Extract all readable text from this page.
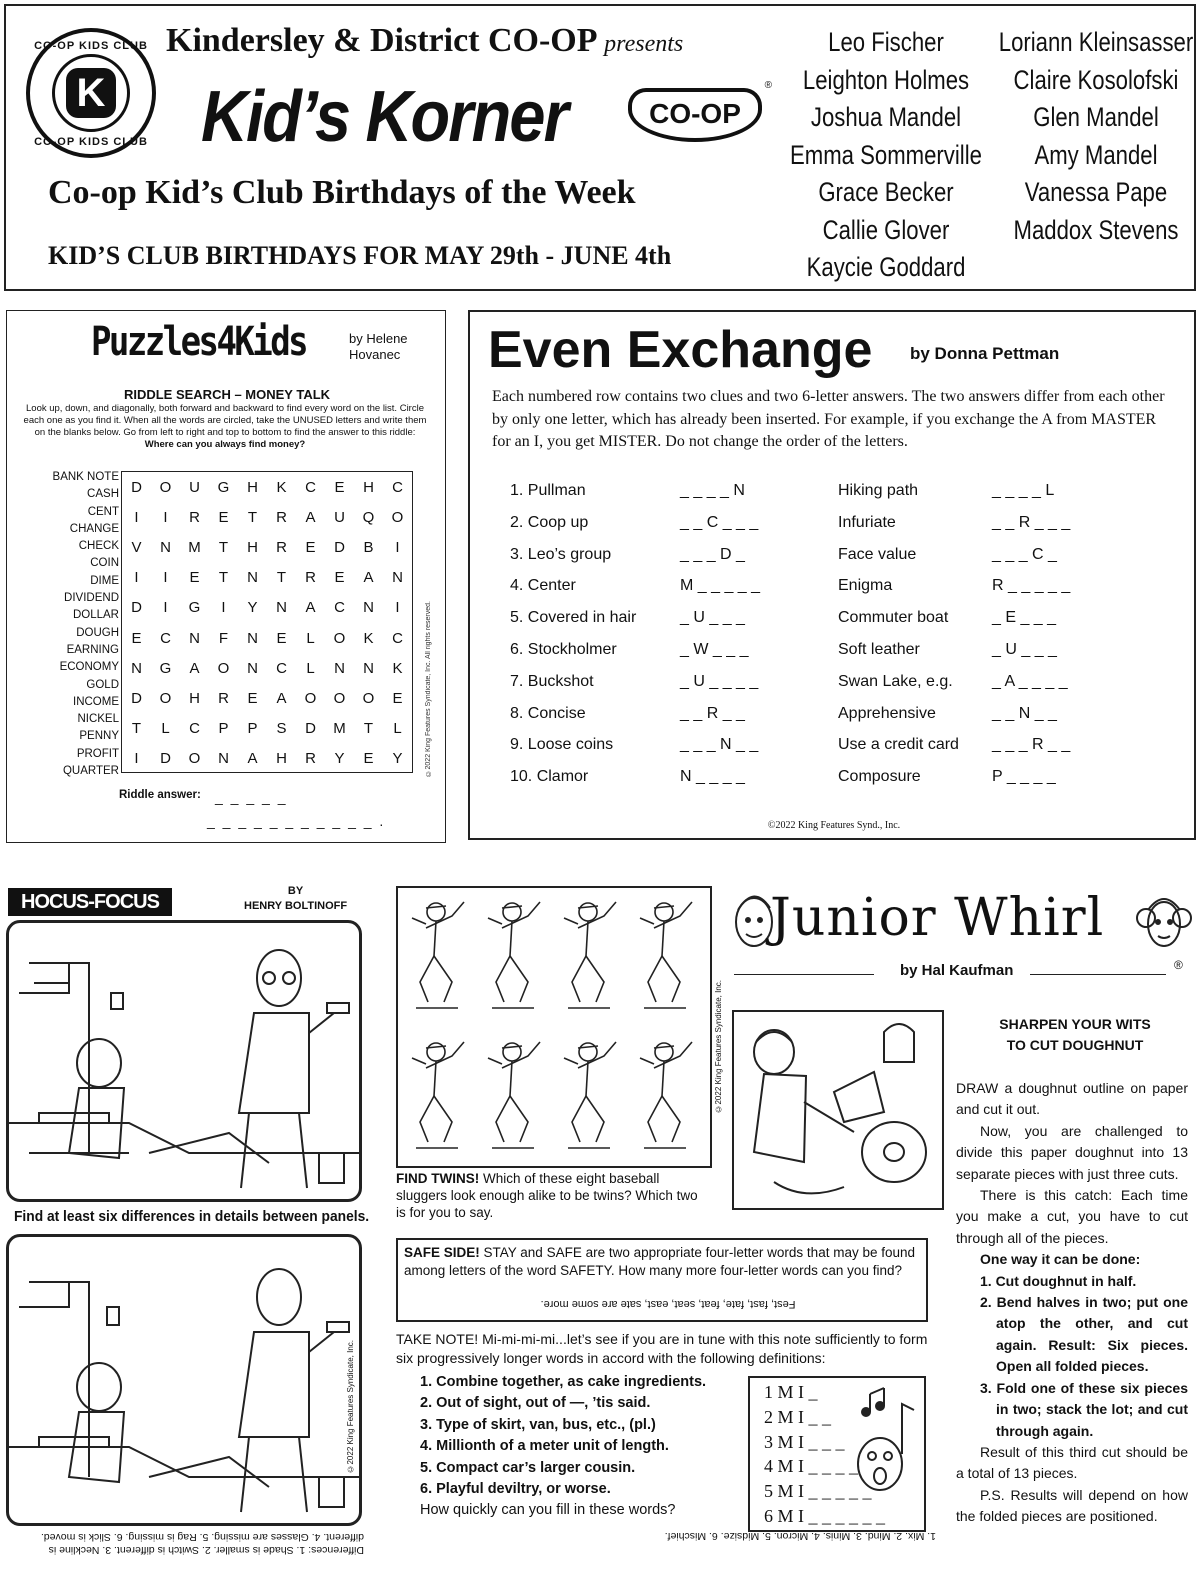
CO-OP KIDS CLUB
K
CO-OP KIDS CLUB
Kindersley & District CO-OP presents
Kid’s Korner	CO-OP
®
Co-op Kid’s Club Birthdays of the Week
KID’S CLUB BIRTHDAYS FOR MAY 29th - JUNE 4th
Leo Fischer
Leighton Holmes
Joshua Mandel
Emma Sommerville
Grace Becker
Callie Glover
Kaycie Goddard
Loriann Kleinsasser
Claire Kosolofski
Glen Mandel
Amy Mandel
Vanessa Pape
Maddox Stevens
Puzzles4Kids	by Helene
Hovanec
RIDDLE SEARCH – MONEY TALK
Look up, down, and diagonally, both forward and backward to find every word on the list. Circle each one as you find it. When all the words are circled, take the UNUSED letters and write them on the blanks below. Go from left to right and top to bottom to find the answer to this riddle: Where can you always find money?
BANK NOTE
CASH
CENT
CHANGE
CHECK
COIN
DIME
DIVIDEND
DOLLAR
DOUGH
EARNING
ECONOMY
GOLD
INCOME
NICKEL
PENNY
PROFIT
QUARTER
D	O	U	G	H	K	C	E	H	C
I	I	R	E	T	R	A	U	Q	O
V	N	M	T	H	R	E	D	B	I
I	I	E	T	N	T	R	E	A	N
D	I	G	I	Y	N	A	C	N	I
E	C	N	F	N	E	L	O	K	C
N	G	A	O	N	C	L	N	N	K
D	O	H	R	E	A	O	O	O	E
T	L	C	P	P	S	D	M	T	L
I	D	O	N	A	H	R	Y	E	Y	©2022 King Features Syndicate, Inc. All rights reserved.
Riddle answer: _ _ _ _ _
_ _ _ _ _ _ _ _ _ _ _ .
Even Exchange by Donna Pettman
Each numbered row contains two clues and two 6-letter answers. The two answers differ from each other by only one letter, which has already been inserted. For example, if you exchange the A from MASTER for an I, you get MISTER. Do not change the order of the letters.
©2022 King Features Synd., Inc.
1. Pullman	_ _ _ _ N	Hiking path	_ _ _ _ L
2. Coop up	_ _ C _ _ _	Infuriate	_ _ R _ _ _
3. Leo’s group	_ _ _ D _	Face value	_ _ _ C _
4. Center	M _ _ _ _ _	Enigma	R _ _ _ _ _
5. Covered in hair	_ U _ _ _	Commuter boat	_ E _ _ _
6. Stockholmer	_ W _ _ _	Soft leather	_ U _ _ _
7. Buckshot	_ U _ _ _ _	Swan Lake, e.g. _ A _ _ _ _
8. Concise	_ _ R _ _	Apprehensive	_ _ N _ _
9. Loose coins	_ _ _ N _ _	Use a credit card _ _ _ R _ _
10. Clamor	N _ _ _ _	Composure	P _ _ _ _
HOCUS-FOCUS	BY
HENRY BOLTINOFF
Find at least six differences in details between panels.
©2022 King Features Syndicate, Inc.
Differences: 1. Shade is smaller. 2. Switch is different. 3. Neckline is different. 4. Glasses are missing. 5. Rag is missing. 6. Slick is moved.
©2022 King Features Syndicate, Inc.
FIND TWINS! Which of these eight baseball sluggers look enough alike to be twins? Which two is for you to say.
SAFE SIDE! STAY and SAFE are two appropriate four-letter words that may be found among letters of the word SAFETY. How many more four-letter words can you find?
Fest, fast, fate, feat, seat, east, sate are some more.
TAKE NOTE! Mi-mi-mi-mi...let’s see if you are in tune with this note sufficiently to form six progressively longer words in accord with the following definitions:
1. Combine together, as cake ingredients.
2. Out of sight, out of —, ’tis said.
3. Type of skirt, van, bus, etc., (pl.)
4. Millionth of a meter unit of length.
5. Compact car’s larger cousin.
6. Playful deviltry, or worse.
How quickly can you fill in these words?
1 M I _
2 M I _ _
3 M I _ _ _
4 M I _ _ _ _
5 M I _ _ _ _ _
6 M I _ _ _ _ _ _
1. Mix. 2. Mind. 3. Minis. 4. Micron. 5. Midsize. 6. Mischief.
Junior Whirl
by Hal Kaufman	®
SHARPEN YOUR WITS
TO CUT DOUGHNUT

DRAW a doughnut outline on paper and cut it out.

Now, you are challenged to divide this paper doughnut into 13 separate pieces with just three cuts.

There is this catch: Each time you make a cut, you have to cut through all of the pieces.

One way it can be done:
1. Cut doughnut in half.
2. Bend halves in two; put one atop the other, and cut again. Result: Six pieces. Open all folded pieces.
3. Fold one of these six pieces in two; stack the lot; and cut through again.

Result of this third cut should be a total of 13 pieces.

P.S. Results will depend on how the folded pieces are positioned.
